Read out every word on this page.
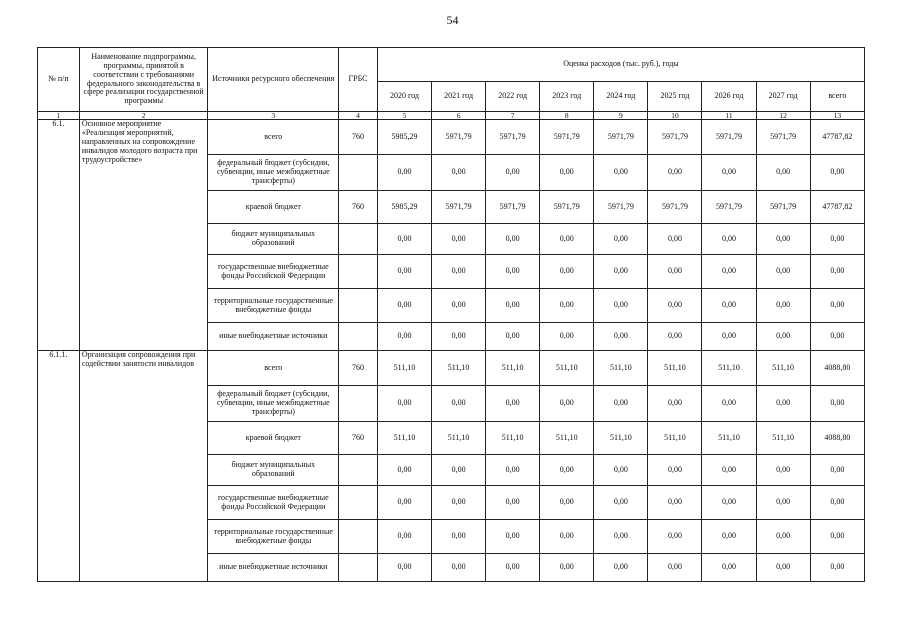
54
№ п/п	Наименование подпрограммы, программы, принятой в соответствии с требованиями федерального законодательства в сфере реализации государственной программы	Источники ресурсного обеспечения	ГРБС	Оценка расходов (тыс. руб.), годы								
				2020 год	2021 год	2022 год	2023 год	2024 год	2025 год	2026 год	2027 год	всего
1	2	3	4	5	6	7	8	9	10	11	12	13
6.1.	Основное мероприятие «Реализация мероприятий, направленных на сопровождение инвалидов молодого возраста при трудоустройстве»	всего	760	5985,29	5971,79	5971,79	5971,79	5971,79	5971,79	5971,79	5971,79	47787,82
		федеральный бюджет (субсидии, субвенции, иные межбюджетные трансферты)		0,00	0,00	0,00	0,00	0,00	0,00	0,00	0,00	0,00
		краевой бюджет	760	5985,29	5971,79	5971,79	5971,79	5971,79	5971,79	5971,79	5971,79	47787,82
		бюджет муниципальных образований		0,00	0,00	0,00	0,00	0,00	0,00	0,00	0,00	0,00
		государственные внебюджетные фонды Российской Федерации		0,00	0,00	0,00	0,00	0,00	0,00	0,00	0,00	0,00
		территориальные государственные внебюджетные фонды		0,00	0,00	0,00	0,00	0,00	0,00	0,00	0,00	0,00
		иные внебюджетные источники		0,00	0,00	0,00	0,00	0,00	0,00	0,00	0,00	0,00
6.1.1.	Организация сопровождения при содействии занятости инвалидов	всего	760	511,10	511,10	511,10	511,10	511,10	511,10	511,10	511,10	4088,80
		федеральный бюджет (субсидии, субвенции, иные межбюджетные трансферты)		0,00	0,00	0,00	0,00	0,00	0,00	0,00	0,00	0,00
		краевой бюджет	760	511,10	511,10	511,10	511,10	511,10	511,10	511,10	511,10	4088,80
		бюджет муниципальных образований		0,00	0,00	0,00	0,00	0,00	0,00	0,00	0,00	0,00
		государственные внебюджетные фонды Российской Федерации		0,00	0,00	0,00	0,00	0,00	0,00	0,00	0,00	0,00
		территориальные государственные внебюджетные фонды		0,00	0,00	0,00	0,00	0,00	0,00	0,00	0,00	0,00
		иные внебюджетные источники		0,00	0,00	0,00	0,00	0,00	0,00	0,00	0,00	0,00
